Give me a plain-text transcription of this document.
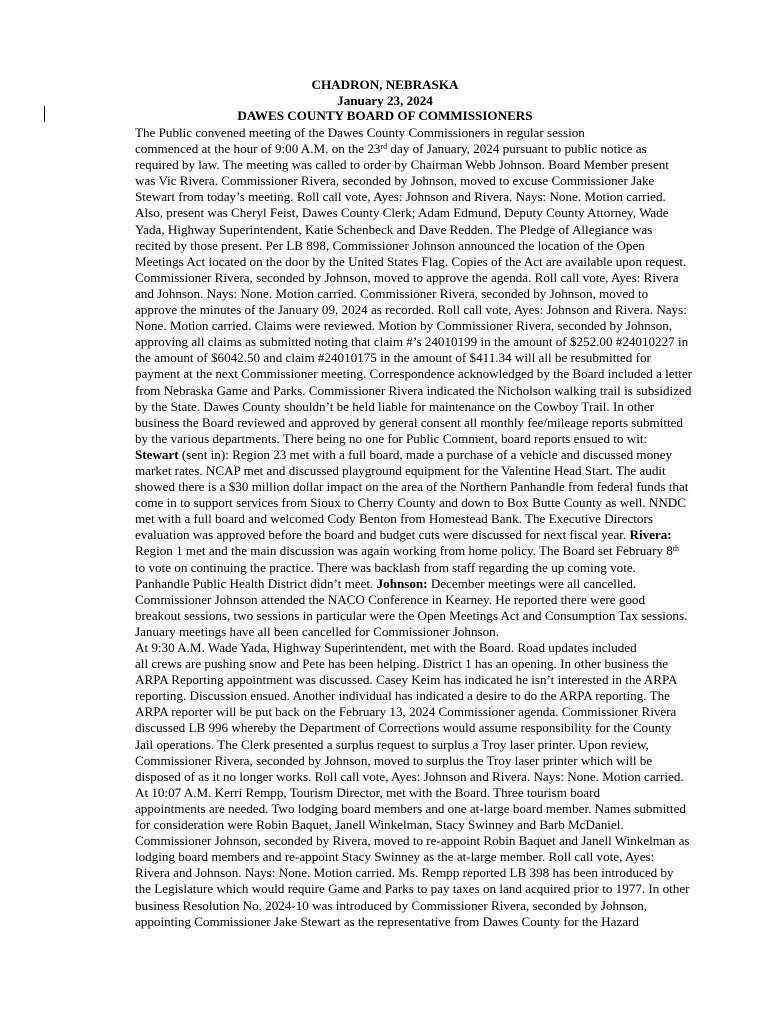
CHADRON, NEBRASKA
January 23, 2024
DAWES COUNTY BOARD OF COMMISSIONERS
The Public convened meeting of the Dawes County Commissioners in regular session
commenced at the hour of 9:00 A.M. on the 23rd day of January, 2024 pursuant to public notice as
required by law. The meeting was called to order by Chairman Webb Johnson. Board Member present
was Vic Rivera. Commissioner Rivera, seconded by Johnson, moved to excuse Commissioner Jake
Stewart from today’s meeting. Roll call vote, Ayes: Johnson and Rivera. Nays: None. Motion carried.
Also, present was Cheryl Feist, Dawes County Clerk; Adam Edmund, Deputy County Attorney, Wade
Yada, Highway Superintendent, Katie Schenbeck and Dave Redden. The Pledge of Allegiance was
recited by those present. Per LB 898, Commissioner Johnson announced the location of the Open
Meetings Act located on the door by the United States Flag. Copies of the Act are available upon request.
Commissioner Rivera, seconded by Johnson, moved to approve the agenda. Roll call vote, Ayes: Rivera
and Johnson. Nays: None. Motion carried. Commissioner Rivera, seconded by Johnson, moved to
approve the minutes of the January 09, 2024 as recorded. Roll call vote, Ayes: Johnson and Rivera. Nays:
None. Motion carried. Claims were reviewed. Motion by Commissioner Rivera, seconded by Johnson,
approving all claims as submitted noting that claim #’s 24010199 in the amount of $252.00 #24010227 in
the amount of $6042.50 and claim #24010175 in the amount of $411.34 will all be resubmitted for
payment at the next Commissioner meeting. Correspondence acknowledged by the Board included a letter
from Nebraska Game and Parks. Commissioner Rivera indicated the Nicholson walking trail is subsidized
by the State. Dawes County shouldn’t be held liable for maintenance on the Cowboy Trail. In other
business the Board reviewed and approved by general consent all monthly fee/mileage reports submitted
by the various departments. There being no one for Public Comment, board reports ensued to wit:
Stewart (sent in): Region 23 met with a full board, made a purchase of a vehicle and discussed money
market rates. NCAP met and discussed playground equipment for the Valentine Head Start. The audit
showed there is a $30 million dollar impact on the area of the Northern Panhandle from federal funds that
come in to support services from Sioux to Cherry County and down to Box Butte County as well. NNDC
met with a full board and welcomed Cody Benton from Homestead Bank. The Executive Directors
evaluation was approved before the board and budget cuts were discussed for next fiscal year. Rivera:
Region 1 met and the main discussion was again working from home policy. The Board set February 8th
to vote on continuing the practice. There was backlash from staff regarding the up coming vote.
Panhandle Public Health District didn’t meet. Johnson: December meetings were all cancelled.
Commissioner Johnson attended the NACO Conference in Kearney. He reported there were good
breakout sessions, two sessions in particular were the Open Meetings Act and Consumption Tax sessions.
January meetings have all been cancelled for Commissioner Johnson.
At 9:30 A.M. Wade Yada, Highway Superintendent, met with the Board. Road updates included
all crews are pushing snow and Pete has been helping. District 1 has an opening. In other business the
ARPA Reporting appointment was discussed. Casey Keim has indicated he isn’t interested in the ARPA
reporting. Discussion ensued. Another individual has indicated a desire to do the ARPA reporting. The
ARPA reporter will be put back on the February 13, 2024 Commissioner agenda. Commissioner Rivera
discussed LB 996 whereby the Department of Corrections would assume responsibility for the County
Jail operations. The Clerk presented a surplus request to surplus a Troy laser printer. Upon review,
Commissioner Rivera, seconded by Johnson, moved to surplus the Troy laser printer which will be
disposed of as it no longer works. Roll call vote, Ayes: Johnson and Rivera. Nays: None. Motion carried.
At 10:07 A.M. Kerri Rempp, Tourism Director, met with the Board. Three tourism board
appointments are needed. Two lodging board members and one at-large board member. Names submitted
for consideration were Robin Baquet, Janell Winkelman, Stacy Swinney and Barb McDaniel.
Commissioner Johnson, seconded by Rivera, moved to re-appoint Robin Baquet and Janell Winkelman as
lodging board members and re-appoint Stacy Swinney as the at-large member. Roll call vote, Ayes:
Rivera and Johnson. Nays: None. Motion carried. Ms. Rempp reported LB 398 has been introduced by
the Legislature which would require Game and Parks to pay taxes on land acquired prior to 1977. In other
business Resolution No. 2024-10 was introduced by Commissioner Rivera, seconded by Johnson,
appointing Commissioner Jake Stewart as the representative from Dawes County for the Hazard
